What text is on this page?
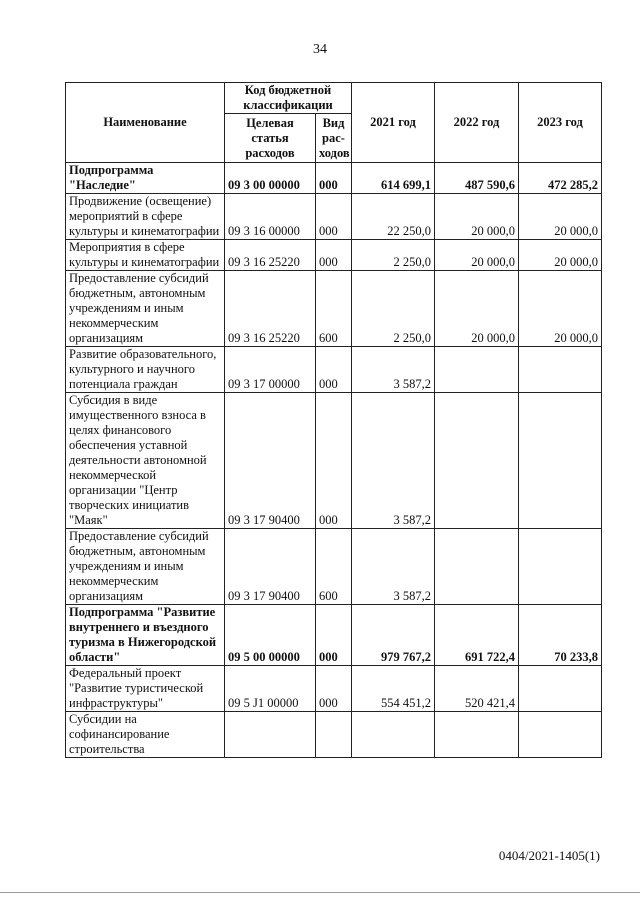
34
Наименование	Код бюджетной классификации		2021 год	2022 год	2023 год
	Целевая статья расходов	Вид рас-ходов			
Подпрограмма "Наследие"	09 3 00 00000	000	614 699,1	487 590,6	472 285,2
Продвижение (освещение) мероприятий в сфере культуры и кинематографии	09 3 16 00000	000	22 250,0	20 000,0	20 000,0
Мероприятия в сфере культуры и кинематографии	09 3 16 25220	000	2 250,0	20 000,0	20 000,0
Предоставление субсидий бюджетным, автономным учреждениям и иным некоммерческим организациям	09 3 16 25220	600	2 250,0	20 000,0	20 000,0
Развитие образовательного, культурного и научного потенциала граждан	09 3 17 00000	000	3 587,2		
Субсидия в виде имущественного взноса в целях финансового обеспечения уставной деятельности автономной некоммерческой организации "Центр творческих инициатив "Маяк"	09 3 17 90400	000	3 587,2		
Предоставление субсидий бюджетным, автономным учреждениям и иным некоммерческим организациям	09 3 17 90400	600	3 587,2		
Подпрограмма "Развитие внутреннего и въездного туризма в Нижегородской области"	09 5 00 00000	000	979 767,2	691 722,4	70 233,8
Федеральный проект "Развитие туристической инфраструктуры"	09 5 J1 00000	000	554 451,2	520 421,4	
Субсидии на софинансирование строительства					
0404/2021-1405(1)
